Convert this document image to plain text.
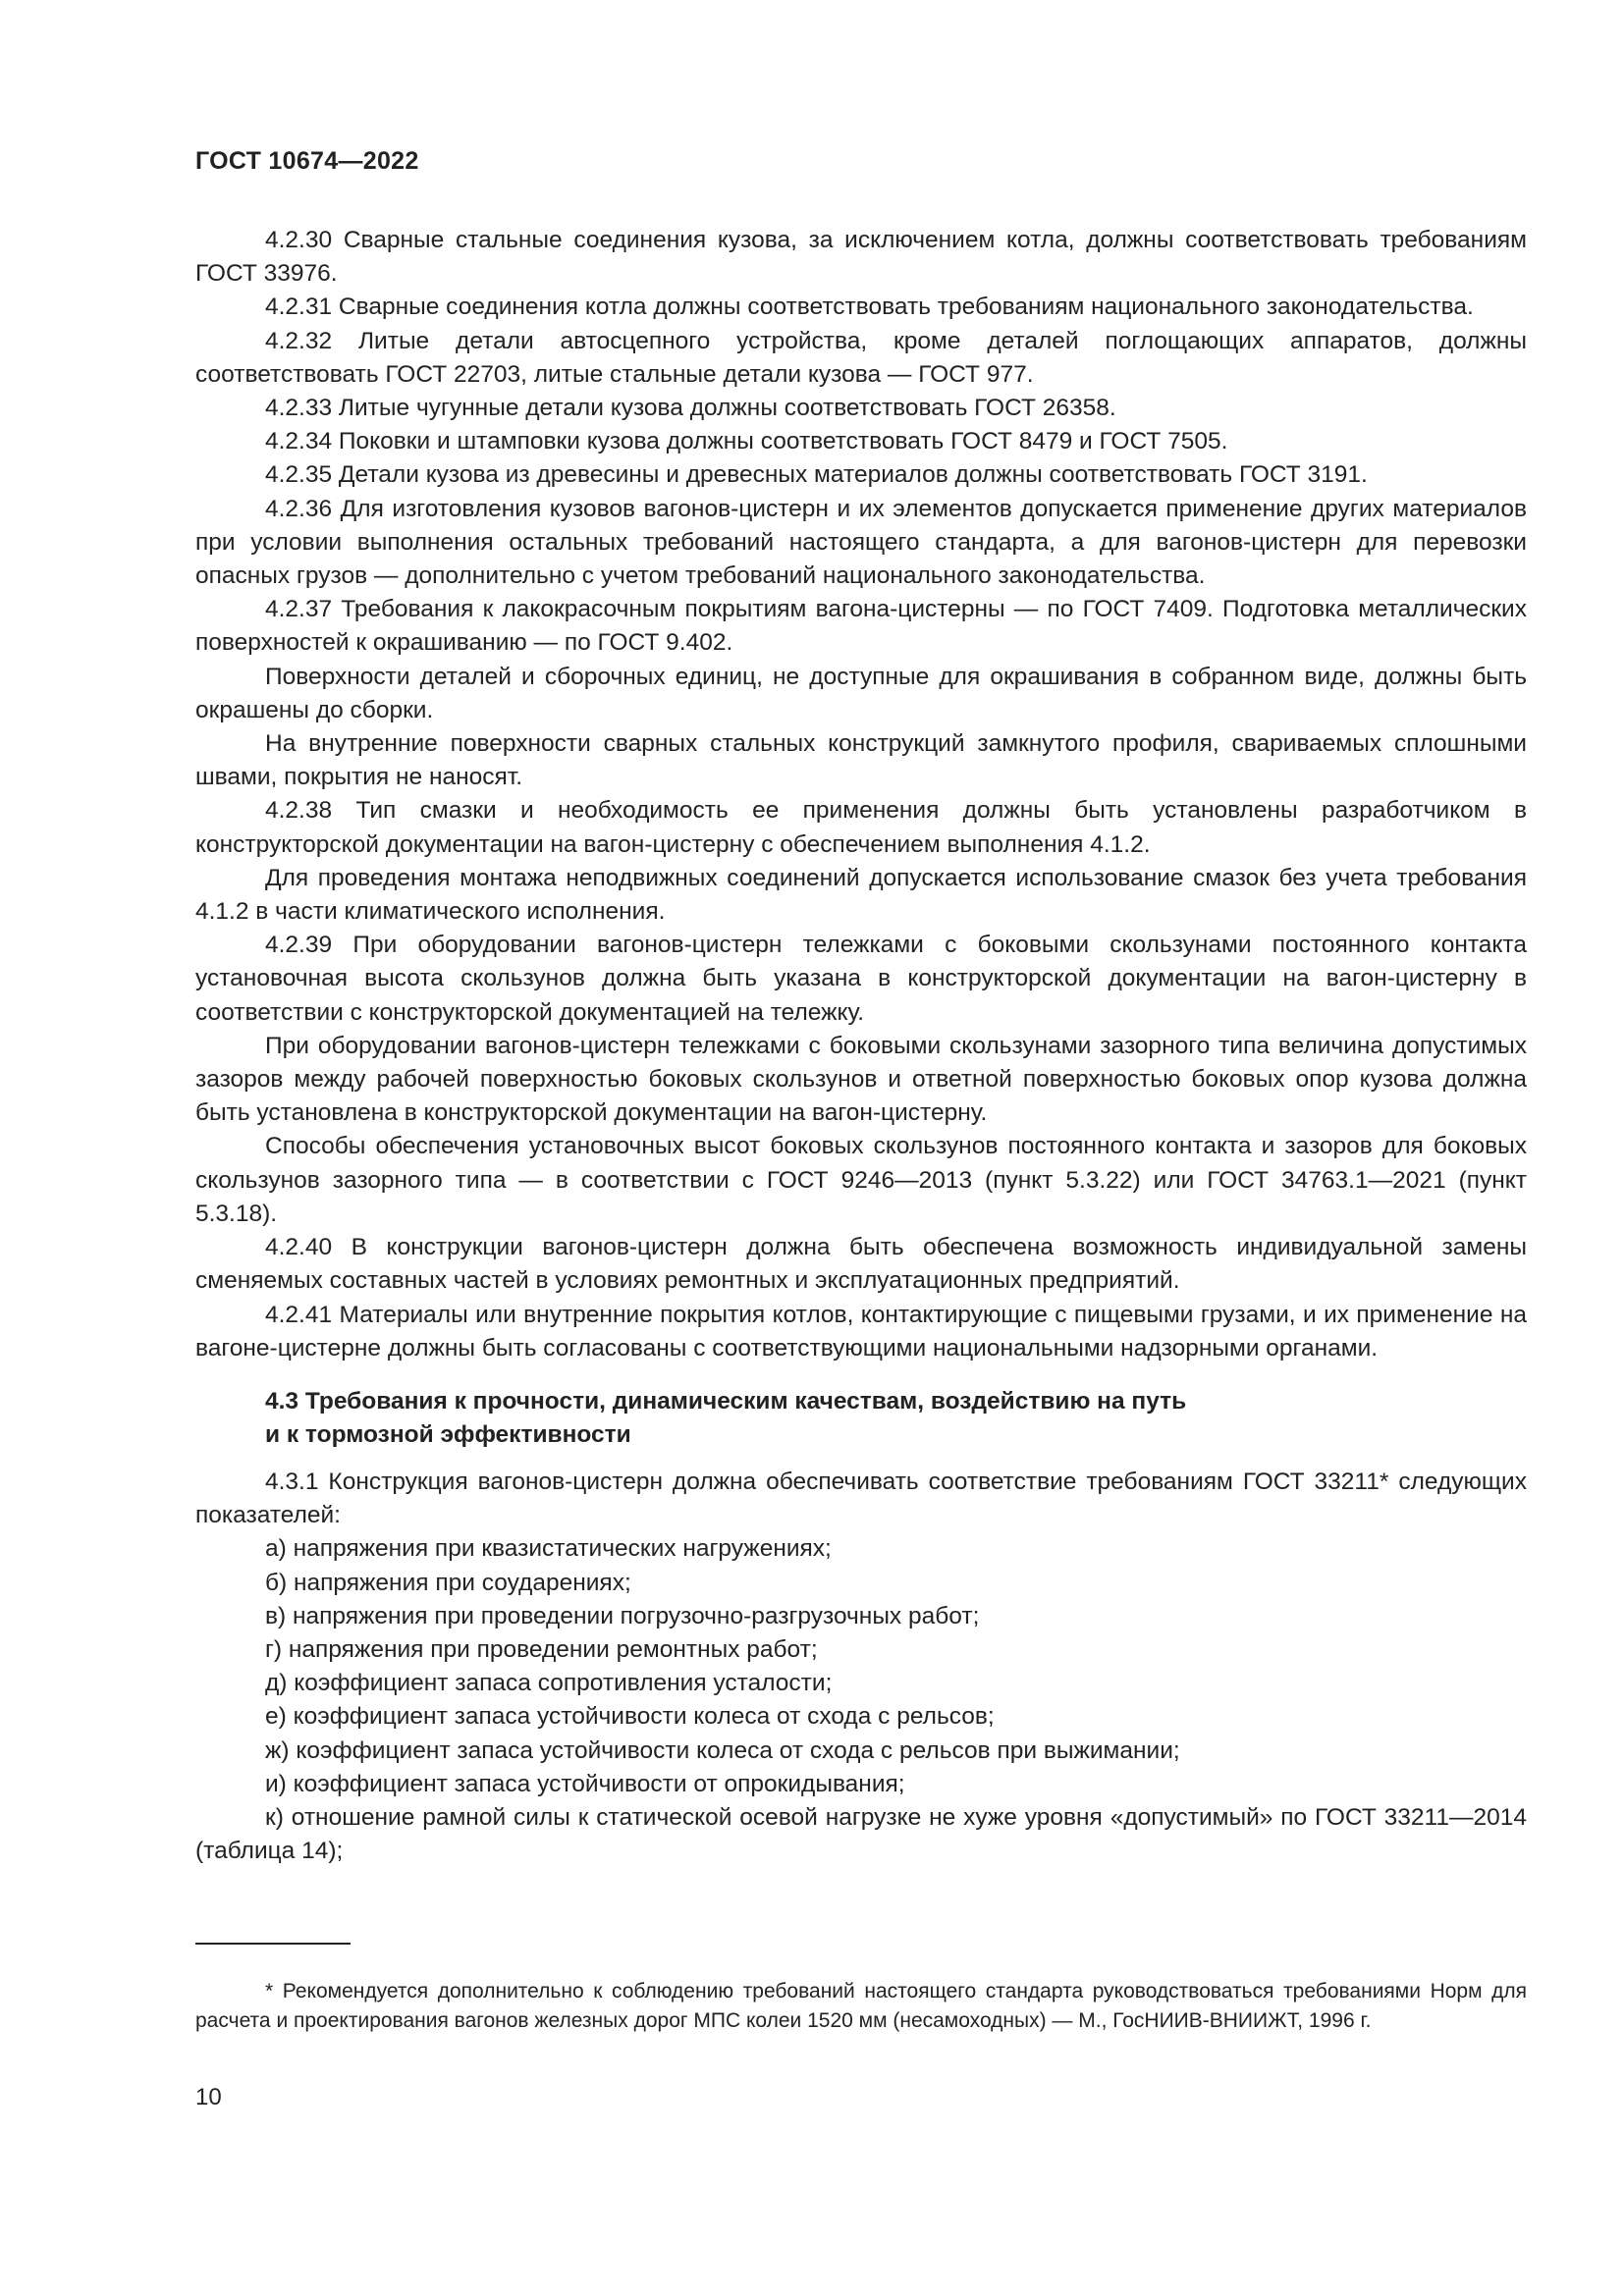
ГОСТ 10674—2022

4.2.30 Сварные стальные соединения кузова, за исключением котла, должны соответствовать требованиям ГОСТ 33976.

4.2.31 Сварные соединения котла должны соответствовать требованиям национального законодательства.

4.2.32 Литые детали автосцепного устройства, кроме деталей поглощающих аппаратов, должны соответствовать ГОСТ 22703, литые стальные детали кузова — ГОСТ 977.

4.2.33 Литые чугунные детали кузова должны соответствовать ГОСТ 26358.

4.2.34 Поковки и штамповки кузова должны соответствовать ГОСТ 8479 и ГОСТ 7505.

4.2.35 Детали кузова из древесины и древесных материалов должны соответствовать ГОСТ 3191.

4.2.36 Для изготовления кузовов вагонов-цистерн и их элементов допускается применение других материалов при условии выполнения остальных требований настоящего стандарта, а для вагонов-цистерн для перевозки опасных грузов — дополнительно с учетом требований национального законодательства.

4.2.37 Требования к лакокрасочным покрытиям вагона-цистерны — по ГОСТ 7409. Подготовка металлических поверхностей к окрашиванию — по ГОСТ 9.402.

Поверхности деталей и сборочных единиц, не доступные для окрашивания в собранном виде, должны быть окрашены до сборки.

На внутренние поверхности сварных стальных конструкций замкнутого профиля, свариваемых сплошными швами, покрытия не наносят.

4.2.38 Тип смазки и необходимость ее применения должны быть установлены разработчиком в конструкторской документации на вагон-цистерну с обеспечением выполнения 4.1.2.

Для проведения монтажа неподвижных соединений допускается использование смазок без учета требования 4.1.2 в части климатического исполнения.

4.2.39 При оборудовании вагонов-цистерн тележками с боковыми скользунами постоянного контакта установочная высота скользунов должна быть указана в конструкторской документации на вагон-цистерну в соответствии с конструкторской документацией на тележку.

При оборудовании вагонов-цистерн тележками с боковыми скользунами зазорного типа величина допустимых зазоров между рабочей поверхностью боковых скользунов и ответной поверхностью боковых опор кузова должна быть установлена в конструкторской документации на вагон-цистерну.

Способы обеспечения установочных высот боковых скользунов постоянного контакта и зазоров для боковых скользунов зазорного типа — в соответствии с ГОСТ 9246—2013 (пункт 5.3.22) или ГОСТ 34763.1—2021 (пункт 5.3.18).

4.2.40 В конструкции вагонов-цистерн должна быть обеспечена возможность индивидуальной замены сменяемых составных частей в условиях ремонтных и эксплуатационных предприятий.

4.2.41 Материалы или внутренние покрытия котлов, контактирующие с пищевыми грузами, и их применение на вагоне-цистерне должны быть согласованы с соответствующими национальными надзорными органами.

4.3 Требования к прочности, динамическим качествам, воздействию на путь
и к тормозной эффективности

4.3.1 Конструкция вагонов-цистерн должна обеспечивать соответствие требованиям ГОСТ 33211* следующих показателей:

а) напряжения при квазистатических нагружениях;

б) напряжения при соударениях;

в) напряжения при проведении погрузочно-разгрузочных работ;

г) напряжения при проведении ремонтных работ;

д) коэффициент запаса сопротивления усталости;

е) коэффициент запаса устойчивости колеса от схода с рельсов;

ж) коэффициент запаса устойчивости колеса от схода с рельсов при выжимании;

и) коэффициент запаса устойчивости от опрокидывания;

к) отношение рамной силы к статической осевой нагрузке не хуже уровня «допустимый» по ГОСТ 33211—2014 (таблица 14);

* Рекомендуется дополнительно к соблюдению требований настоящего стандарта руководствоваться требованиями Норм для расчета и проектирования вагонов железных дорог МПС колеи 1520 мм (несамоходных) — М., ГосНИИВ-ВНИИЖТ, 1996 г.

10
